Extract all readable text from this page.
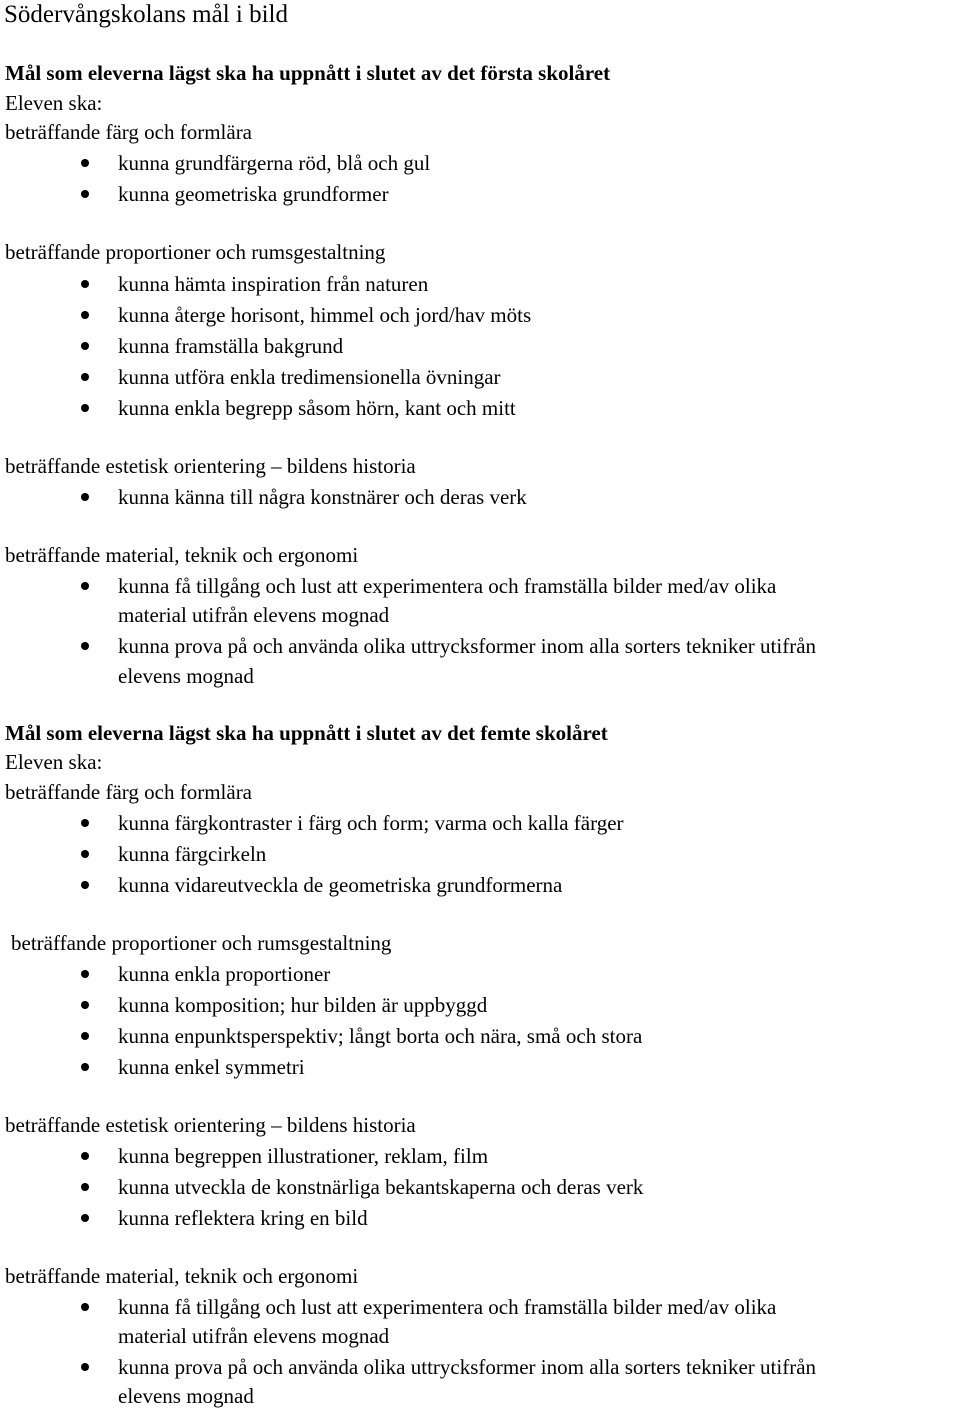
Södervångskolans mål i bild
Mål som eleverna lägst ska ha uppnått i slutet av det första skolåret
Eleven ska:
beträffande färg och formlära
kunna grundfärgerna röd, blå och gul
kunna geometriska grundformer
beträffande proportioner och rumsgestaltning
kunna hämta inspiration från naturen
kunna återge horisont, himmel och jord/hav möts
kunna framställa bakgrund
kunna utföra enkla tredimensionella övningar
kunna enkla begrepp såsom hörn, kant och mitt
beträffande estetisk orientering – bildens historia
kunna känna till några konstnärer och deras verk
beträffande material, teknik och ergonomi
kunna få tillgång och lust att experimentera och framställa bilder med/av olika
material utifrån elevens mognad
kunna prova på och använda olika uttrycksformer inom alla sorters tekniker utifrån
elevens mognad
Mål som eleverna lägst ska ha uppnått i slutet av det femte skolåret
Eleven ska:
beträffande färg och formlära
kunna färgkontraster i färg och form; varma och kalla färger
kunna färgcirkeln
kunna vidareutveckla de geometriska grundformerna
beträffande proportioner och rumsgestaltning
kunna enkla proportioner
kunna komposition; hur bilden är uppbyggd
kunna enpunktsperspektiv; långt borta och nära, små och stora
kunna enkel symmetri
beträffande estetisk orientering – bildens historia
kunna begreppen illustrationer, reklam, film
kunna utveckla de konstnärliga bekantskaperna och deras verk
kunna reflektera kring en bild
beträffande material, teknik och ergonomi
kunna få tillgång och lust att experimentera och framställa bilder med/av olika
material utifrån elevens mognad
kunna prova på och använda olika uttrycksformer inom alla sorters tekniker utifrån
elevens mognad
